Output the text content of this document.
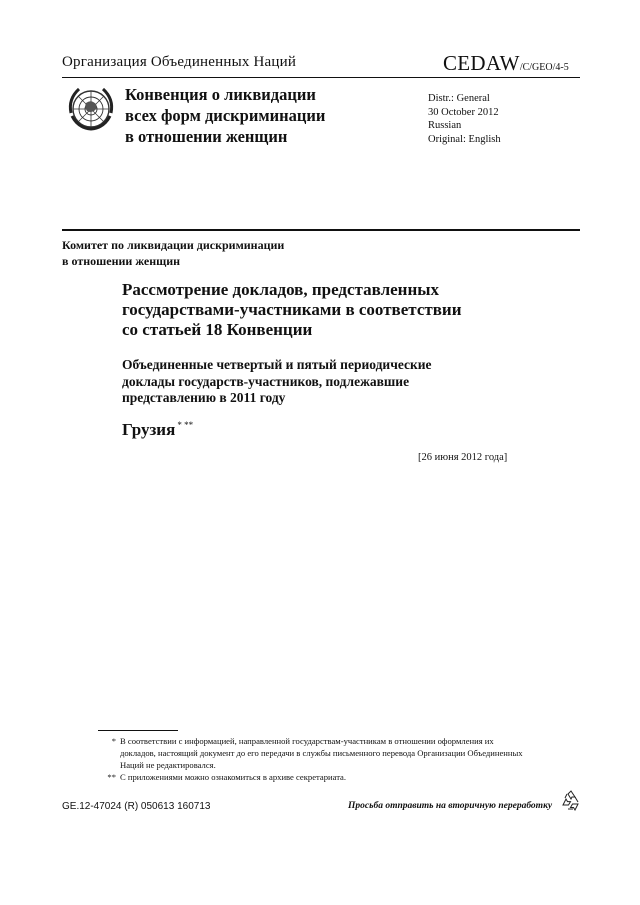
Организация Объединенных Наций	CEDAW/C/GEO/4-5
Конвенция о ликвидации
всех форм дискриминации
в отношении женщин
Distr.: General
30 October 2012
Russian
Original: English
Комитет по ликвидации дискриминации
в отношении женщин
Рассмотрение докладов, представленных
государствами-участниками в соответствии
со статьей 18 Конвенции
Объединенные четвертый и пятый периодические
доклады государств-участников, подлежавшие
представлению в 2011 году
Грузия * **
[26 июня 2012 года]
* В соответствии с информацией, направленной государствам-участникам в отношении оформления их докладов, настоящий документ до его передачи в службы письменного перевода Организации Объединенных Наций не редактировался.
** С приложениями можно ознакомиться в архиве секретариата.
GE.12-47024 (R) 050613 160713	Просьба отправить на вторичную переработку
